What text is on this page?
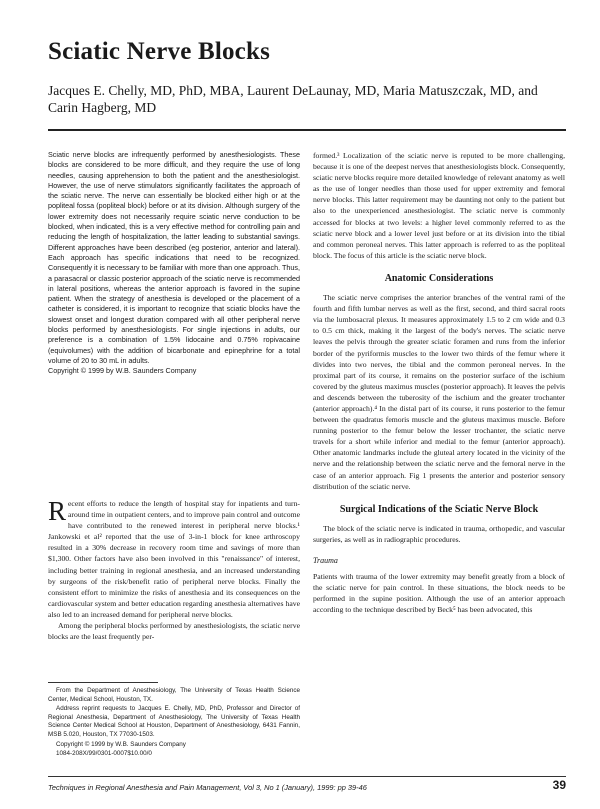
Sciatic Nerve Blocks

Jacques E. Chelly, MD, PhD, MBA, Laurent DeLaunay, MD, Maria Matuszczak, MD, and Carin Hagberg, MD

Sciatic nerve blocks are infrequently performed by anesthesiologists. These blocks are considered to be more difficult, and they require the use of long needles, causing apprehension to both the patient and the anesthesiologist. However, the use of nerve stimulators significantly facilitates the approach of the sciatic nerve. The nerve can essentially be blocked either high or at the popliteal fossa (popliteal block) before or at its division. Although surgery of the lower extremity does not necessarily require sciatic nerve conduction to be blocked, when indicated, this is a very effective method for controlling pain and reducing the length of hospitalization, the latter leading to substantial savings. Different approaches have been described (eg posterior, anterior and lateral). Each approach has specific indications that need to be recognized. Consequently it is necessary to be familiar with more than one approach. Thus, a parasacral or classic posterior approach of the sciatic nerve is recommended in lateral positions, whereas the anterior approach is favored in the supine patient. When the strategy of anesthesia is developed or the placement of a catheter is considered, it is important to recognize that sciatic blocks have the slowest onset and longest duration compared with all other peripheral nerve blocks performed by anesthesiologists. For single injections in adults, our preference is a combination of 1.5% lidocaine and 0.75% ropivacaine (equivolumes) with the addition of bicarbonate and epinephrine for a total volume of 20 to 30 mL in adults.
Copyright © 1999 by W.B. Saunders Company

Recent efforts to reduce the length of hospital stay for inpatients and turn-around time in outpatient centers, and to improve pain control and outcome have contributed to the renewed interest in peripheral nerve blocks.¹ Jankowski et al² reported that the use of 3-in-1 block for knee arthroscopy resulted in a 30% decrease in recovery room time and savings of more than $1,300. Other factors have also been involved in this "renaissance" of interest, including better training in regional anesthesia, and an increased understanding by surgeons of the risk/benefit ratio of peripheral nerve blocks. Finally the consistent effort to minimize the risks of anesthesia and its consequences on the cardiovascular system and better education regarding anesthesia alternatives have also led to an increased demand for peripheral nerve blocks.

Among the peripheral blocks performed by anesthesiologists, the sciatic nerve blocks are the least frequently per-

formed.³ Localization of the sciatic nerve is reputed to be more challenging, because it is one of the deepest nerves that anesthesiologists block. Consequently, sciatic nerve blocks require more detailed knowledge of relevant anatomy as well as the use of longer needles than those used for upper extremity and femoral nerve blocks. This latter requirement may be daunting not only to the patient but also to the unexperienced anesthesiologist. The sciatic nerve is commonly accessed for blocks at two levels: a higher level commonly referred to as the sciatic nerve block and a lower level just before or at its division into the tibial and common peroneal nerves. This latter approach is referred to as the popliteal block. The focus of this article is the sciatic nerve block.

Anatomic Considerations

The sciatic nerve comprises the anterior branches of the ventral rami of the fourth and fifth lumbar nerves as well as the first, second, and third sacral roots via the lumbosacral plexus. It measures approximately 1.5 to 2 cm wide and 0.3 to 0.5 cm thick, making it the largest of the body's nerves. The sciatic nerve leaves the pelvis through the greater sciatic foramen and runs from the inferior border of the pyriformis muscles to the lower two thirds of the femur where it divides into two nerves, the tibial and the common peroneal nerves. In the proximal part of its course, it remains on the posterior surface of the ischium covered by the gluteus maximus muscles (posterior approach). It leaves the pelvis and descends between the tuberosity of the ischium and the greater trochanter (anterior approach).⁴ In the distal part of its course, it runs posterior to the femur between the quadratus femoris muscle and the gluteus maximus muscle. Before running posterior to the femur below the lesser trochanter, the sciatic nerve travels for a short while inferior and medial to the femur (anterior approach). Other anatomic landmarks include the gluteal artery located in the vicinity of the nerve and the relationship between the sciatic nerve and the femoral nerve in the case of an anterior approach. Fig 1 presents the anterior and posterior sensory distribution of the sciatic nerve.

Surgical Indications of the Sciatic Nerve Block

The block of the sciatic nerve is indicated in trauma, orthopedic, and vascular surgeries, as well as in radiographic procedures.

Trauma

Patients with trauma of the lower extremity may benefit greatly from a block of the sciatic nerve for pain control. In these situations, the block needs to be performed in the supine position. Although the use of an anterior approach according to the technique described by Beck⁵ has been advocated, this

From the Department of Anesthesiology, The University of Texas Health Science Center, Medical School, Houston, TX.

Address reprint requests to Jacques E. Chelly, MD, PhD, Professor and Director of Regional Anesthesia, Department of Anesthesiology, The University of Texas Health Science Center Medical School at Houston, Department of Anesthesiology, 6431 Fannin, MSB 5.020, Houston, TX 77030-1503.

Copyright © 1999 by W.B. Saunders Company

1084-208X/99/0301-0007$10.00/0

Techniques in Regional Anesthesia and Pain Management, Vol 3, No 1 (January), 1999: pp 39-46	39
